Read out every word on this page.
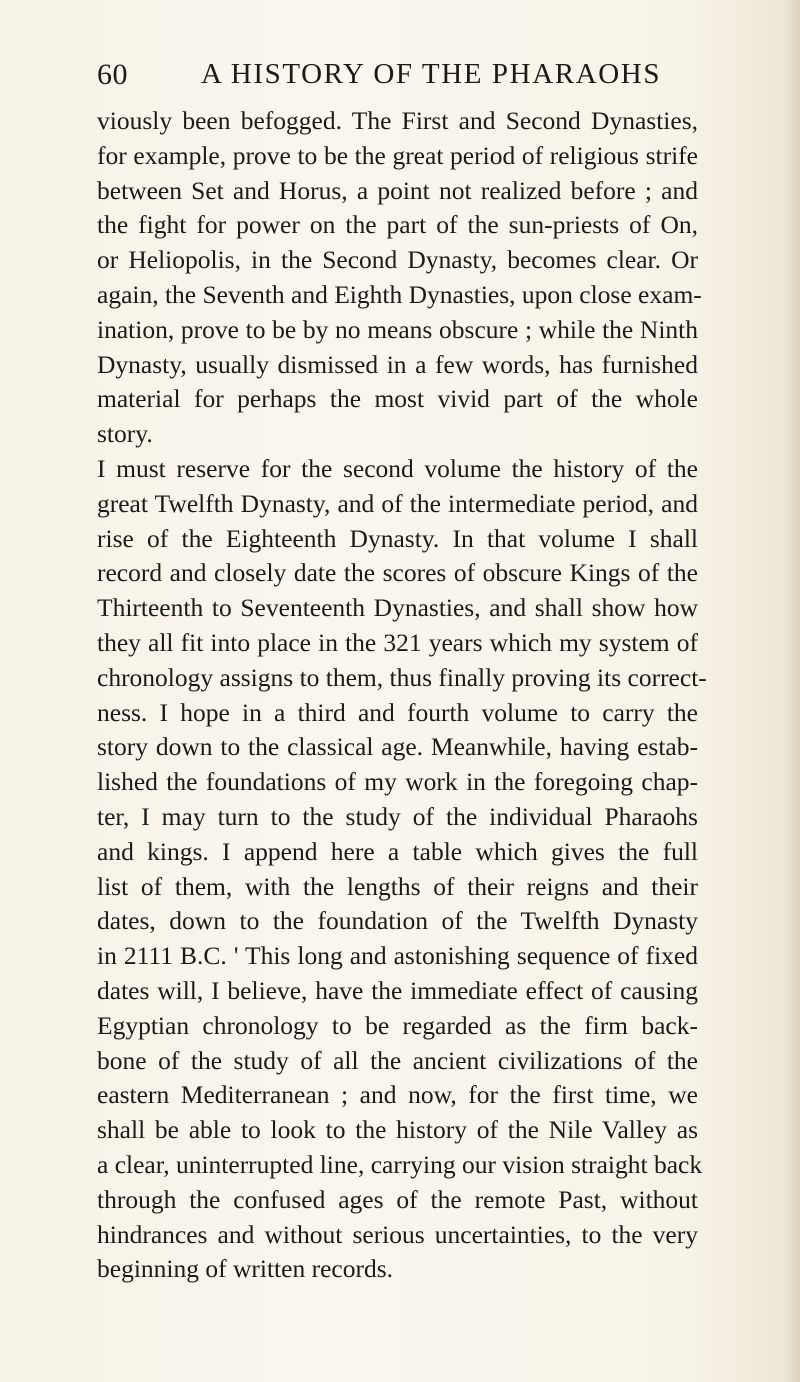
60	A HISTORY OF THE PHARAOHS
viously been befogged. The First and Second Dynasties,
for example, prove to be the great period of religious strife
between Set and Horus, a point not realized before ; and
the fight for power on the part of the sun-priests of On,
or Heliopolis, in the Second Dynasty, becomes clear. Or
again, the Seventh and Eighth Dynasties, upon close exam-
ination, prove to be by no means obscure ; while the Ninth
Dynasty, usually dismissed in a few words, has furnished
material for perhaps the most vivid part of the whole
story.
I must reserve for the second volume the history of the
great Twelfth Dynasty, and of the intermediate period, and
rise of the Eighteenth Dynasty. In that volume I shall
record and closely date the scores of obscure Kings of the
Thirteenth to Seventeenth Dynasties, and shall show how
they all fit into place in the 321 years which my system of
chronology assigns to them, thus finally proving its correct-
ness. I hope in a third and fourth volume to carry the
story down to the classical age. Meanwhile, having estab-
lished the foundations of my work in the foregoing chap-
ter, I may turn to the study of the individual Pharaohs
and kings. I append here a table which gives the full
list of them, with the lengths of their reigns and their
dates, down to the foundation of the Twelfth Dynasty
in 2111 B.C. ' This long and astonishing sequence of fixed
dates will, I believe, have the immediate effect of causing
Egyptian chronology to be regarded as the firm back-
bone of the study of all the ancient civilizations of the
eastern Mediterranean ; and now, for the first time, we
shall be able to look to the history of the Nile Valley as
a clear, uninterrupted line, carrying our vision straight back
through the confused ages of the remote Past, without
hindrances and without serious uncertainties, to the very
beginning of written records.
